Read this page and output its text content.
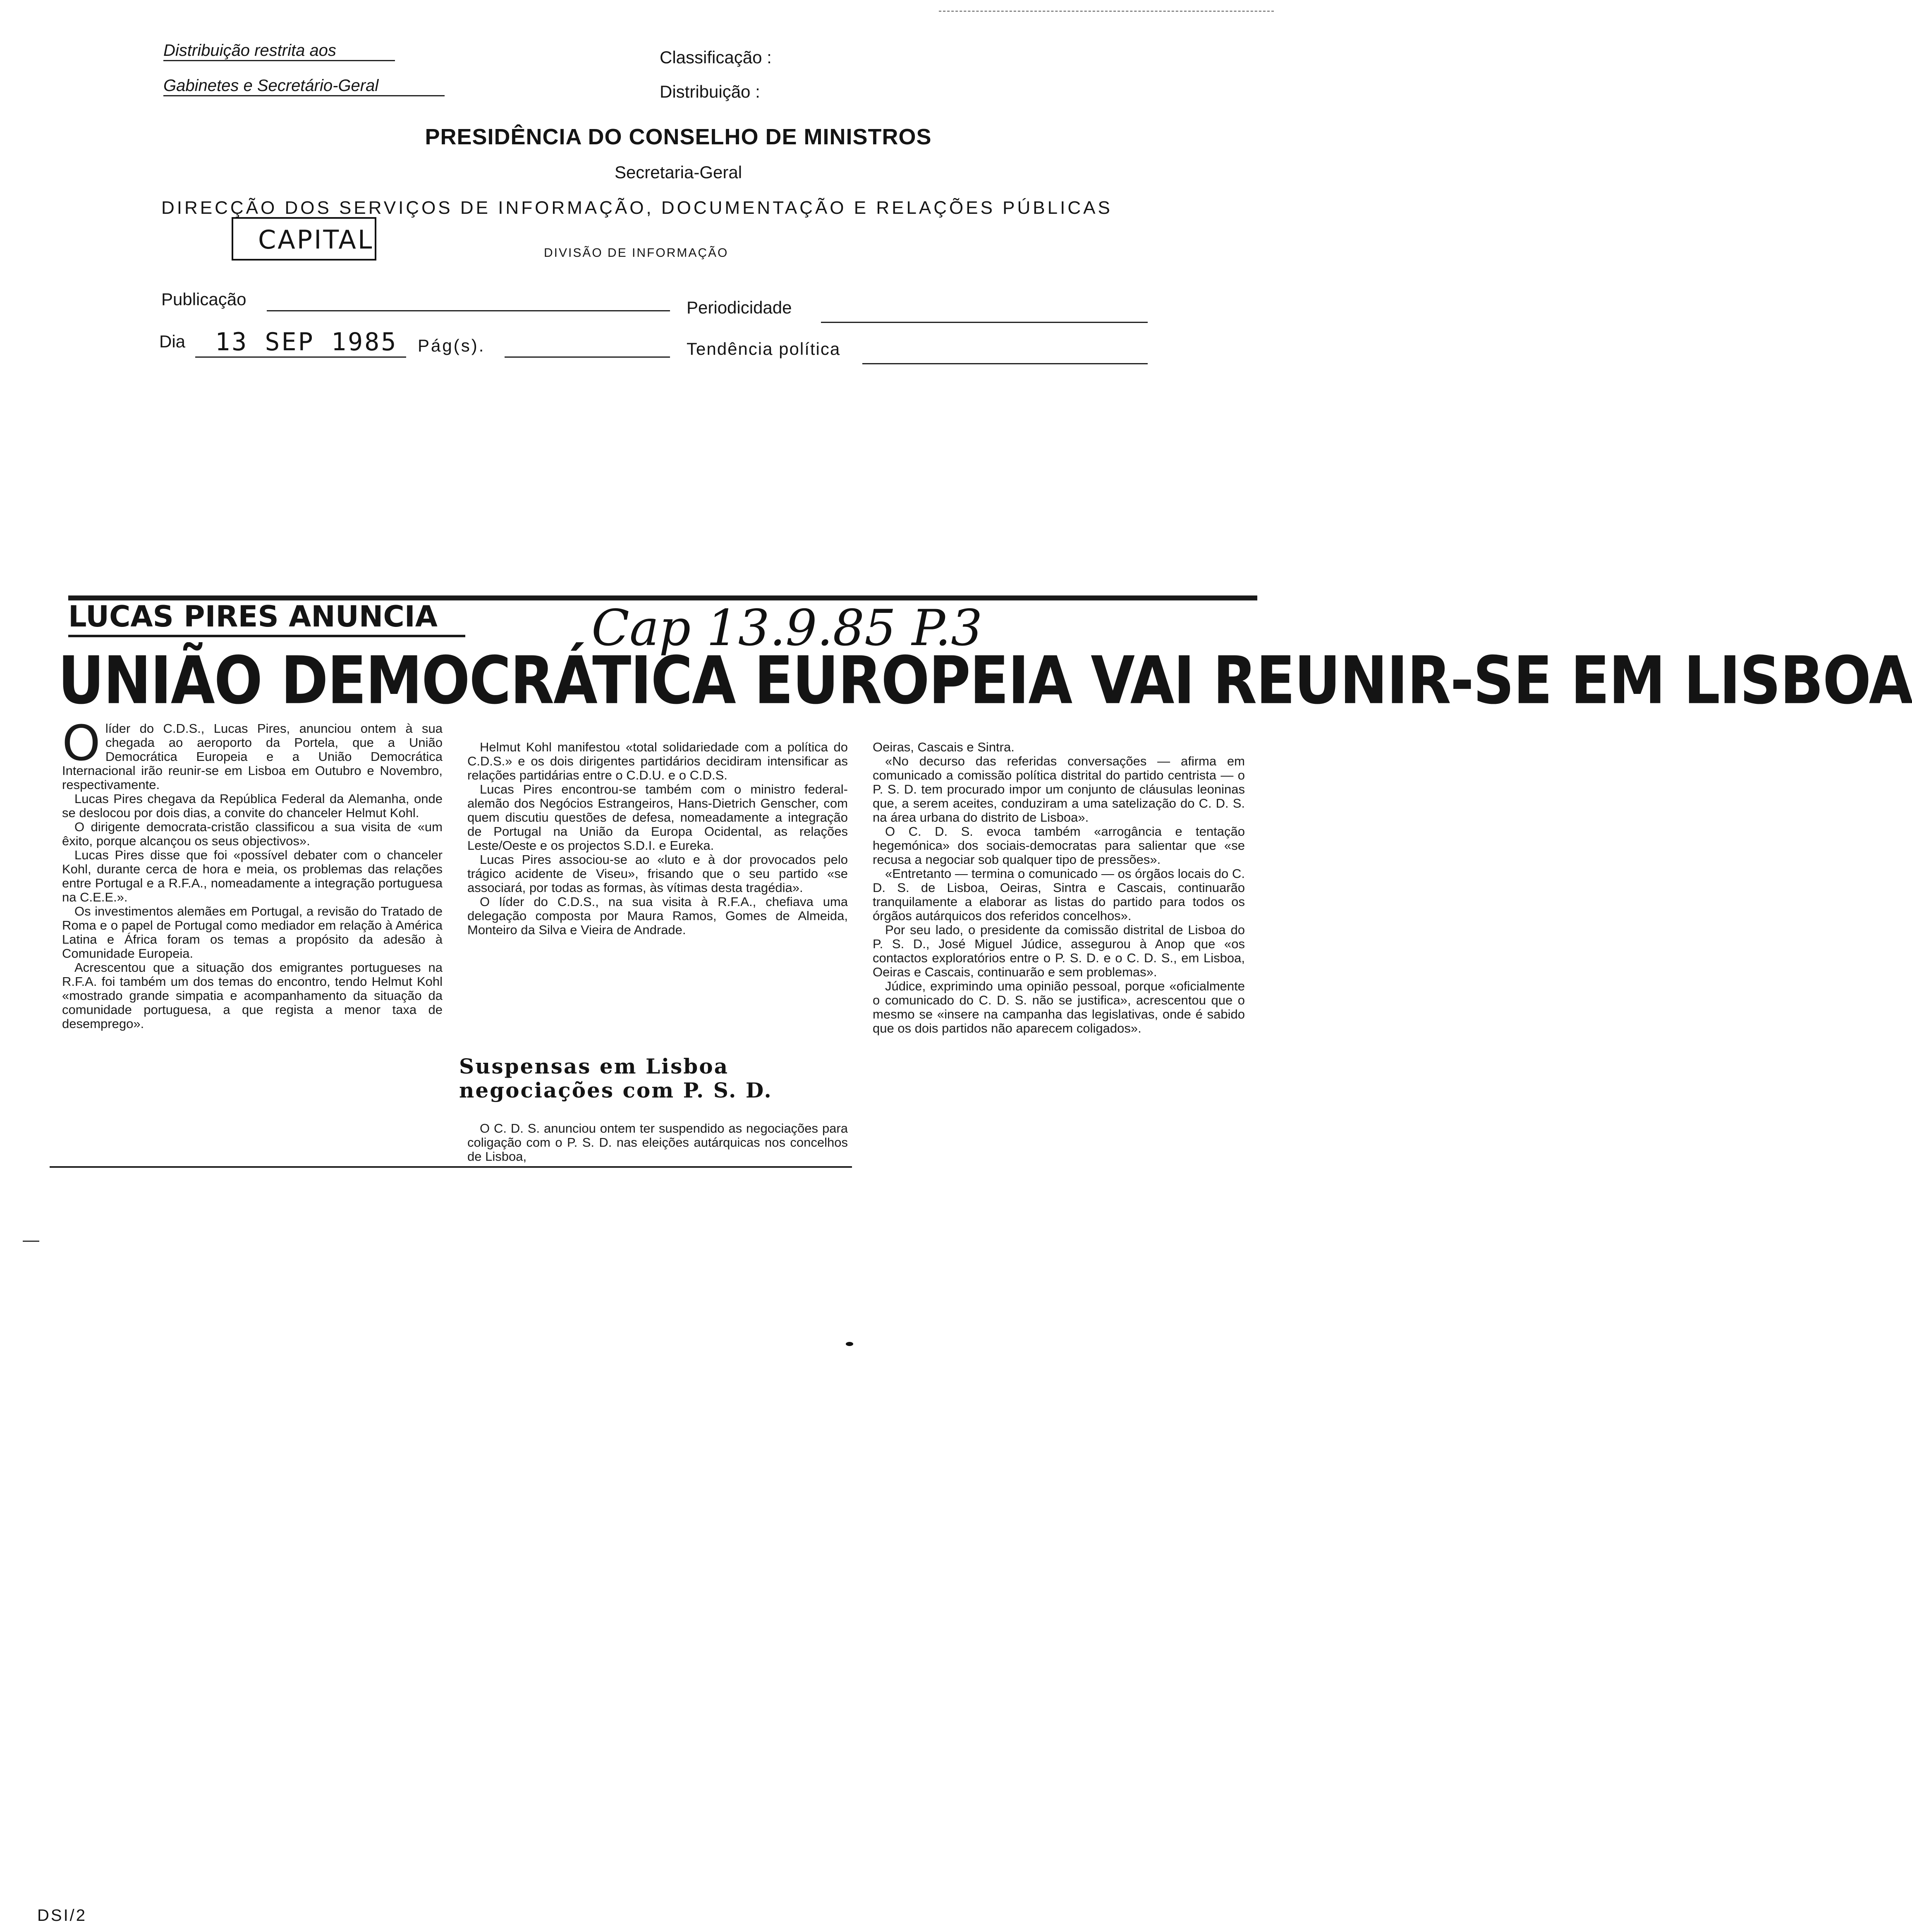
Distribuição restrita aos
Gabinetes e Secretário-Geral
Classificação :
Distribuição :
PRESIDÊNCIA DO CONSELHO DE MINISTROS
Secretaria-Geral
DIRECÇÃO DOS SERVIÇOS DE INFORMAÇÃO, DOCUMENTAÇÃO E RELAÇÕES PÚBLICAS
CAPITAL	DIVISÃO DE INFORMAÇÃO
Publicação	Periodicidade
Dia 13 SEP 1985 Pág(s).	Tendência política
LUCAS PIRES ANUNCIA	Cap 13.9.85 P.3
UNIÃO DEMOCRÁTICA EUROPEIA VAI REUNIR-SE EM LISBOA
O líder do C.D.S., Lucas Pires, anunciou ontem à sua chegada ao aeroporto da Portela, que a União Democrática Europeia e a União Democrática Internacional irão reunir-se em Lisboa em Outubro e Novembro, respectivamente.

Lucas Pires chegava da República Federal da Alemanha, onde se deslocou por dois dias, a convite do chanceler Helmut Kohl.

O dirigente democrata-cristão classificou a sua visita de «um êxito, porque alcançou os seus objectivos».

Lucas Pires disse que foi «possível debater com o chanceler Kohl, durante cerca de hora e meia, os problemas das relações entre Portugal e a R.F.A., nomeadamente a integração portuguesa na C.E.E.».

Os investimentos alemães em Portugal, a revisão do Tratado de Roma e o papel de Portugal como mediador em relação à América Latina e África foram os temas a propósito da adesão à Comunidade Europeia.

Acrescentou que a situação dos emigrantes portugueses na R.F.A. foi também um dos temas do encontro, tendo Helmut Kohl «mostrado grande simpatia e acompanhamento da situação da comunidade portuguesa, a que regista a menor taxa de desemprego».

Helmut Kohl manifestou «total solidariedade com a política do C.D.S.» e os dois dirigentes partidários decidiram intensificar as relações partidárias entre o C.D.U. e o C.D.S.

Lucas Pires encontrou-se também com o ministro federal-alemão dos Negócios Estrangeiros, Hans-Dietrich Genscher, com quem discutiu questões de defesa, nomeadamente a integração de Portugal na União da Europa Ocidental, as relações Leste/Oeste e os projectos S.D.I. e Eureka.

Lucas Pires associou-se ao «luto e à dor provocados pelo trágico acidente de Viseu», frisando que o seu partido «se associará, por todas as formas, às vítimas desta tragédia».

O líder do C.D.S., na sua visita à R.F.A., chefiava uma delegação composta por Maura Ramos, Gomes de Almeida, Monteiro da Silva e Vieira de Andrade.

Suspensas em Lisboa negociações com P. S. D.

O C. D. S. anunciou ontem ter suspendido as negociações para coligação com o P. S. D. nas eleições autárquicas nos concelhos de Lisboa,

Oeiras, Cascais e Sintra.

«No decurso das referidas conversações — afirma em comunicado a comissão política distrital do partido centrista — o P. S. D. tem procurado impor um conjunto de cláusulas leoninas que, a serem aceites, conduziram a uma satelização do C. D. S. na área urbana do distrito de Lisboa».

O C. D. S. evoca também «arrogância e tentação hegemónica» dos sociais-democratas para salientar que «se recusa a negociar sob qualquer tipo de pressões».

«Entretanto — termina o comunicado — os órgãos locais do C. D. S. de Lisboa, Oeiras, Sintra e Cascais, continuarão tranquilamente a elaborar as listas do partido para todos os órgãos autárquicos dos referidos concelhos».

Por seu lado, o presidente da comissão distrital de Lisboa do P. S. D., José Miguel Júdice, assegurou à Anop que «os contactos exploratórios entre o P. S. D. e o C. D. S., em Lisboa, Oeiras e Cascais, continuarão e sem problemas».

Júdice, exprimindo uma opinião pessoal, porque «oficialmente o comunicado do C. D. S. não se justifica», acrescentou que o mesmo se «insere na campanha das legislativas, onde é sabido que os dois partidos não aparecem coligados».

DSI/2
